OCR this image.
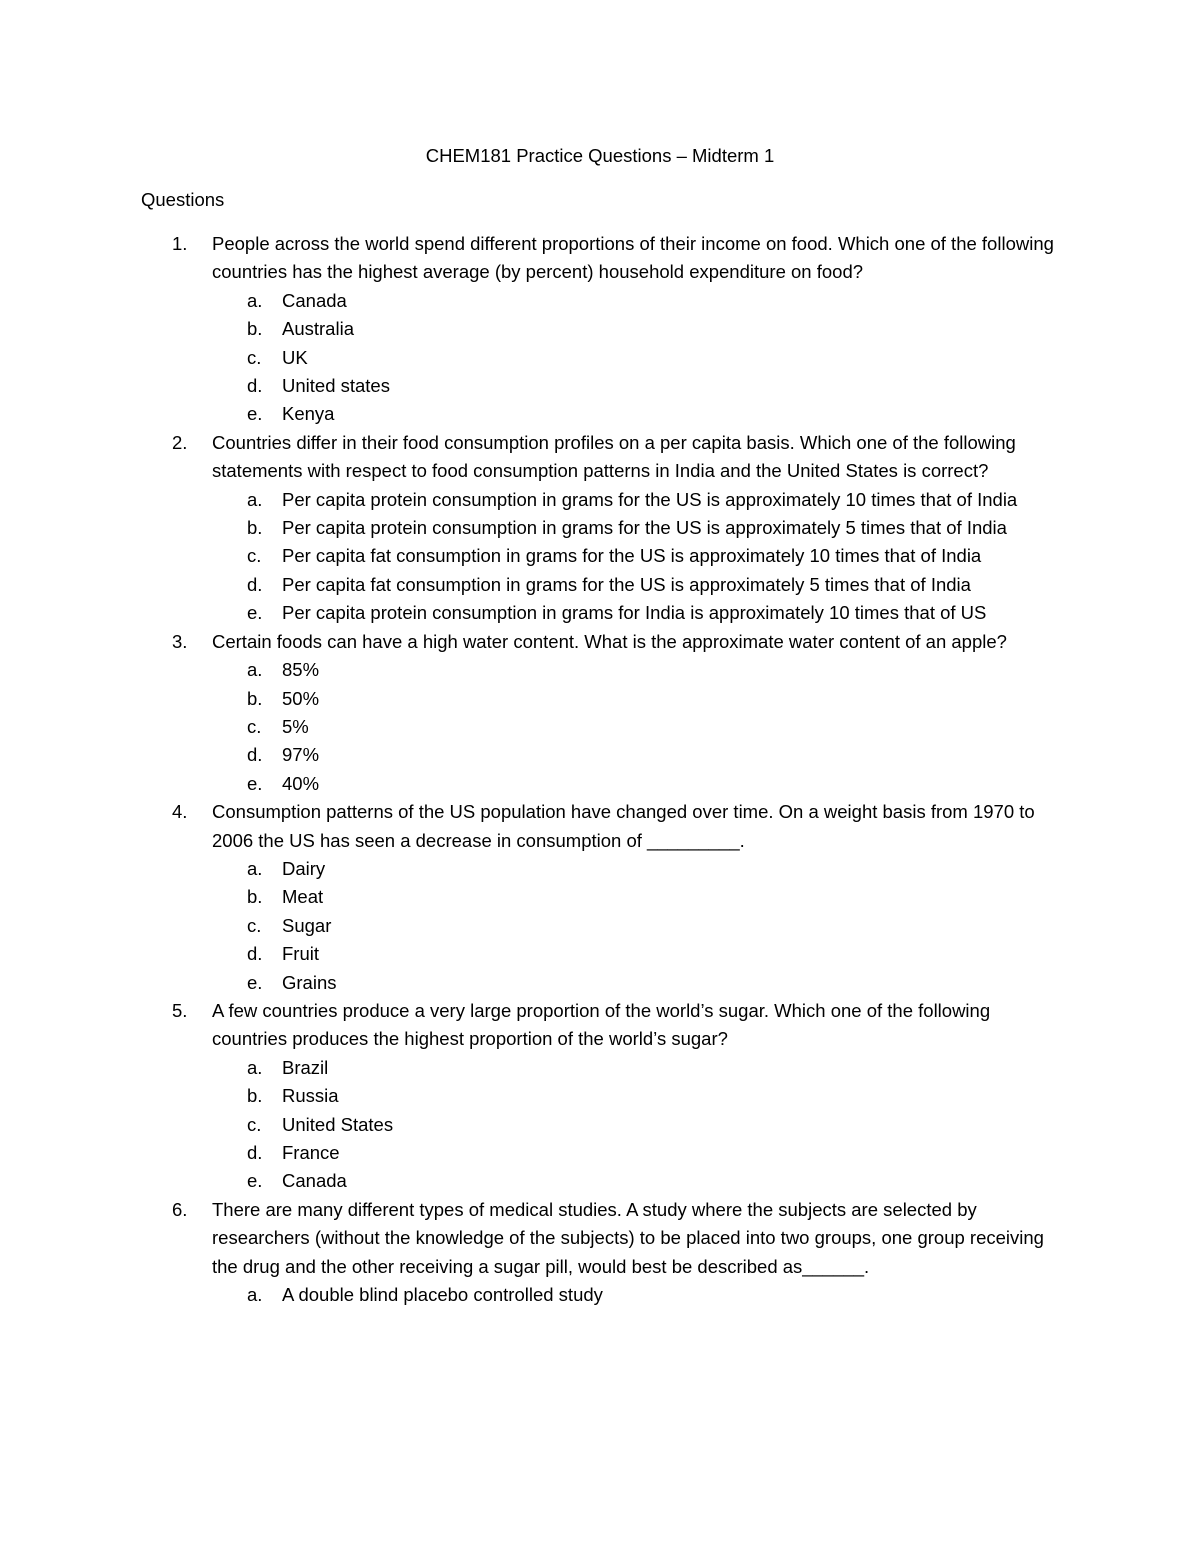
CHEM181 Practice Questions – Midterm 1
Questions
1.	People across the world spend different proportions of their income on food. Which one of the following countries has the highest average (by percent) household expenditure on food?
a. Canada
b. Australia
c. UK
d. United states
e. Kenya
2.	Countries differ in their food consumption profiles on a per capita basis. Which one of the following statements with respect to food consumption patterns in India and the United States is correct?
a. Per capita protein consumption in grams for the US is approximately 10 times that of India
b. Per capita protein consumption in grams for the US is approximately 5 times that of India
c. Per capita fat consumption in grams for the US is approximately 10 times that of India
d. Per capita fat consumption in grams for the US is approximately 5 times that of India
e. Per capita protein consumption in grams for India is approximately 10 times that of US
3.	Certain foods can have a high water content. What is the approximate water content of an apple?
a. 85%
b. 50%
c. 5%
d. 97%
e. 40%
4.	Consumption patterns of the US population have changed over time. On a weight basis from 1970 to 2006 the US has seen a decrease in consumption of _________.
a. Dairy
b. Meat
c. Sugar
d. Fruit
e. Grains
5.	A few countries produce a very large proportion of the world’s sugar. Which one of the following countries produces the highest proportion of the world’s sugar?
a. Brazil
b. Russia
c. United States
d. France
e. Canada
6.	There are many different types of medical studies. A study where the subjects are selected by researchers (without the knowledge of the subjects) to be placed into two groups, one group receiving the drug and the other receiving a sugar pill, would best be described as______.
a. A double blind placebo controlled study
